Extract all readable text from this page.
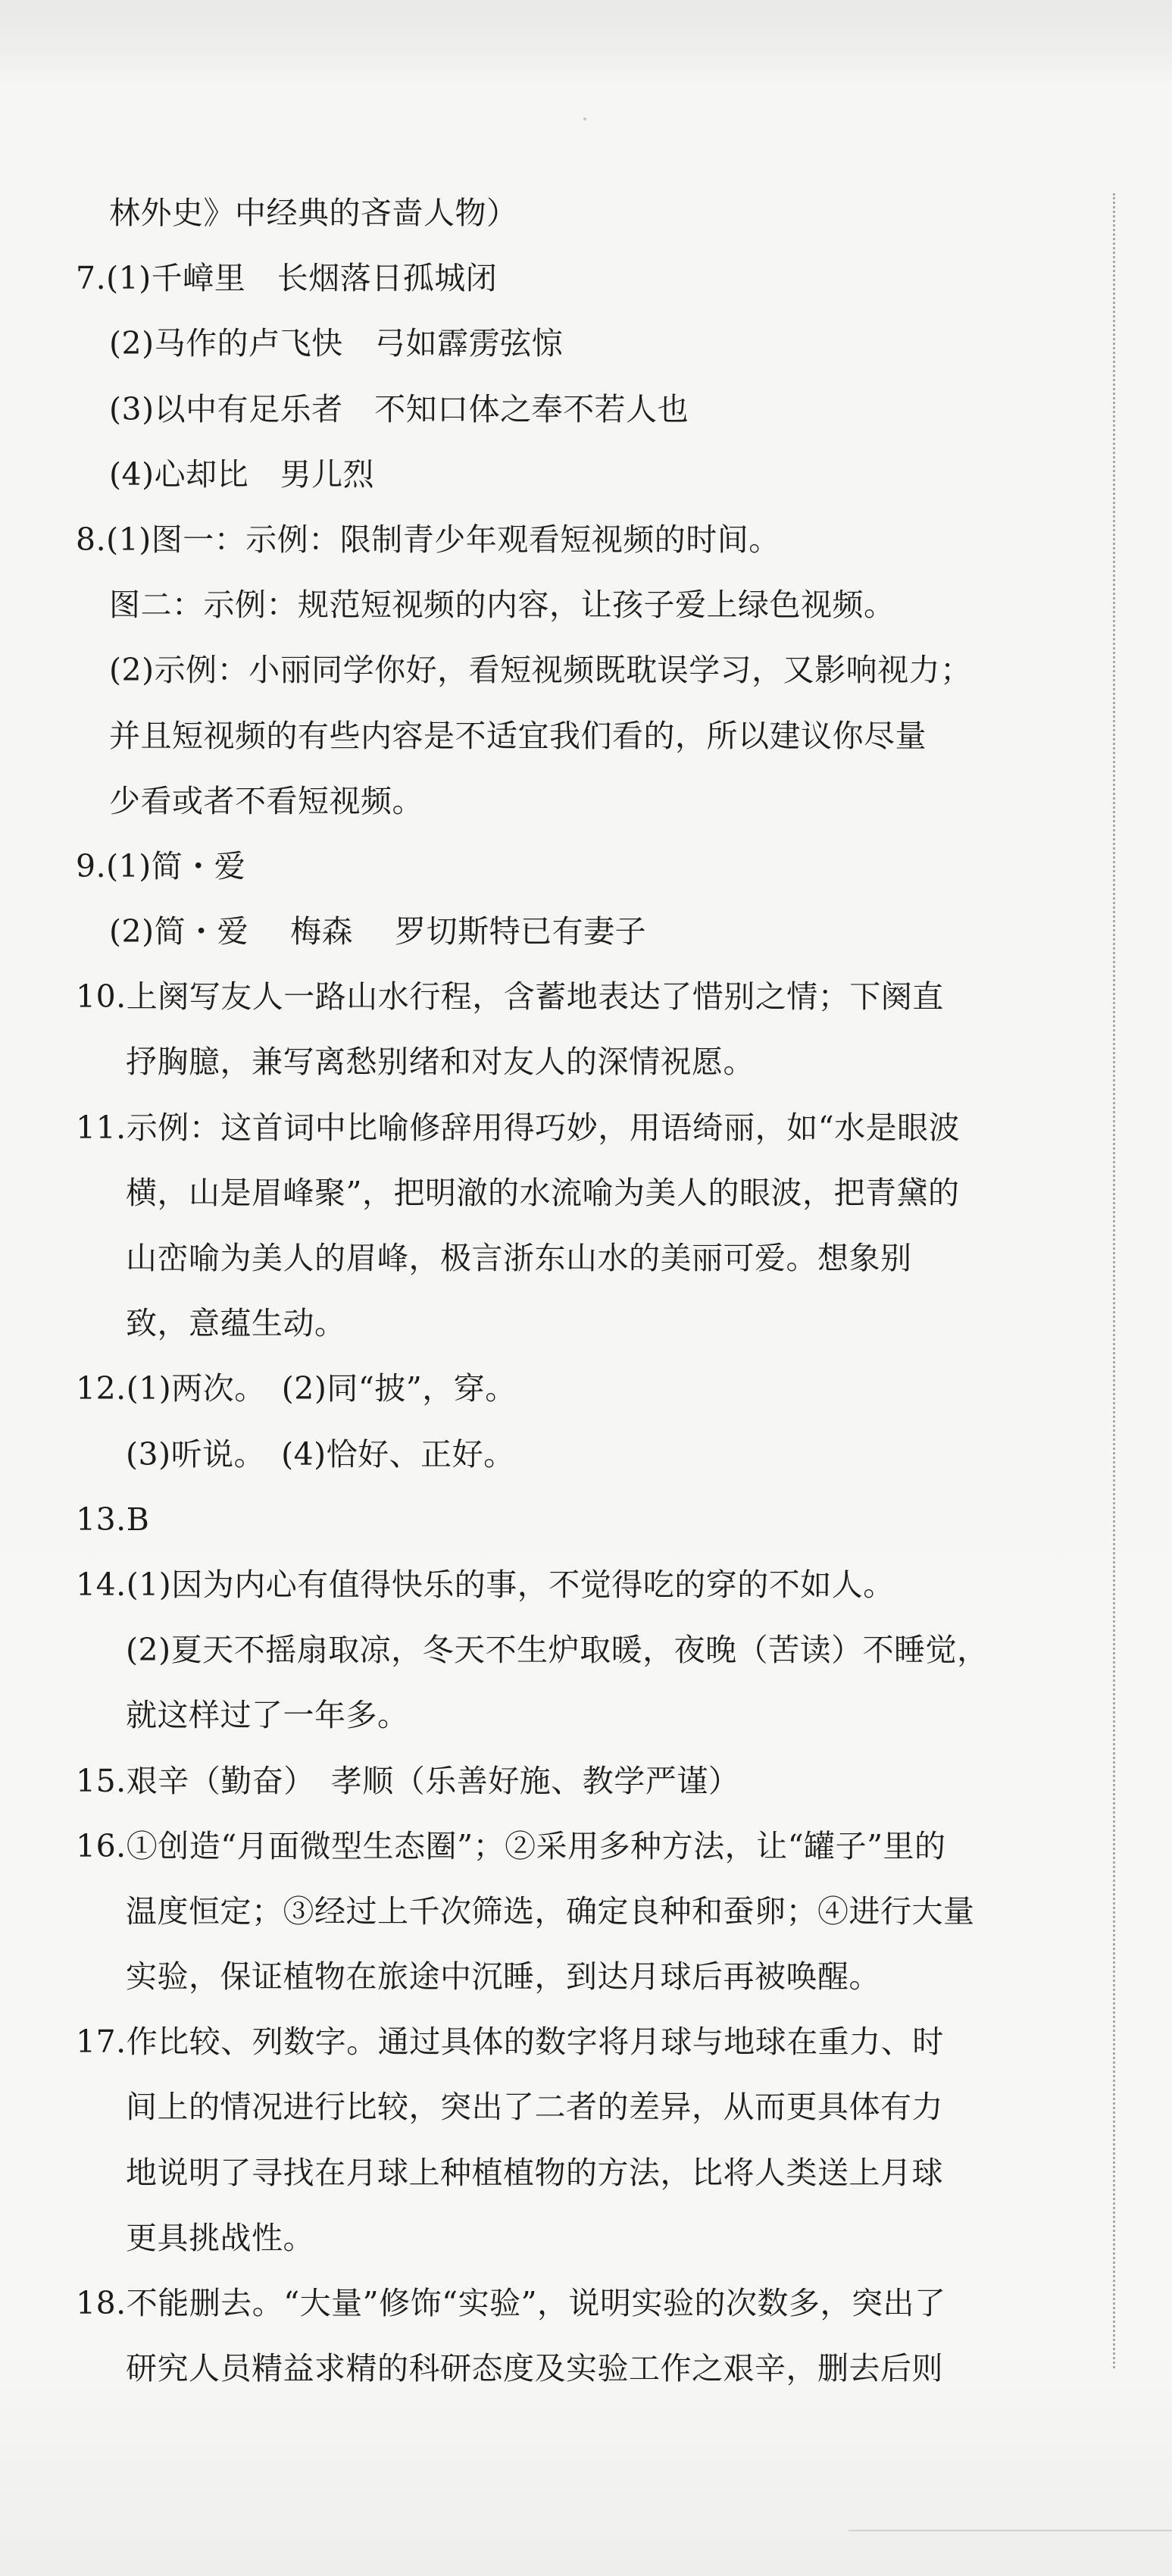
林外史》中经典的吝啬人物）
7.(1)千嶂里　长烟落日孤城闭
(2)马作的卢飞快　弓如霹雳弦惊
(3)以中有足乐者　不知口体之奉不若人也
(4)心却比　男儿烈
8.(1)图一：示例：限制青少年观看短视频的时间。
图二：示例：规范短视频的内容，让孩子爱上绿色视频。
(2)示例：小丽同学你好，看短视频既耽误学习，又影响视力；
并且短视频的有些内容是不适宜我们看的，所以建议你尽量
少看或者不看短视频。
9.(1)简・爱
(2)简・爱　 梅森　 罗切斯特已有妻子
10.上阕写友人一路山水行程，含蓄地表达了惜别之情；下阕直
抒胸臆，兼写离愁别绪和对友人的深情祝愿。
11.示例：这首词中比喻修辞用得巧妙，用语绮丽，如“水是眼波
横，山是眉峰聚”，把明澈的水流喻为美人的眼波，把青黛的
山峦喻为美人的眉峰，极言浙东山水的美丽可爱。想象别
致，意蕴生动。
12.(1)两次。　(2)同“披”，穿。
(3)听说。　(4)恰好、正好。
13.B
14.(1)因为内心有值得快乐的事，不觉得吃的穿的不如人。
(2)夏天不摇扇取凉，冬天不生炉取暖，夜晚（苦读）不睡觉，
就这样过了一年多。
15.艰辛（勤奋）　孝顺（乐善好施、教学严谨）
16.①创造“月面微型生态圈”；②采用多种方法，让“罐子”里的
温度恒定；③经过上千次筛选，确定良种和蚕卵；④进行大量
实验，保证植物在旅途中沉睡，到达月球后再被唤醒。
17.作比较、列数字。通过具体的数字将月球与地球在重力、时
间上的情况进行比较，突出了二者的差异，从而更具体有力
地说明了寻找在月球上种植植物的方法，比将人类送上月球
更具挑战性。
18.不能删去。“大量”修饰“实验”，说明实验的次数多，突出了
研究人员精益求精的科研态度及实验工作之艰辛，删去后则
